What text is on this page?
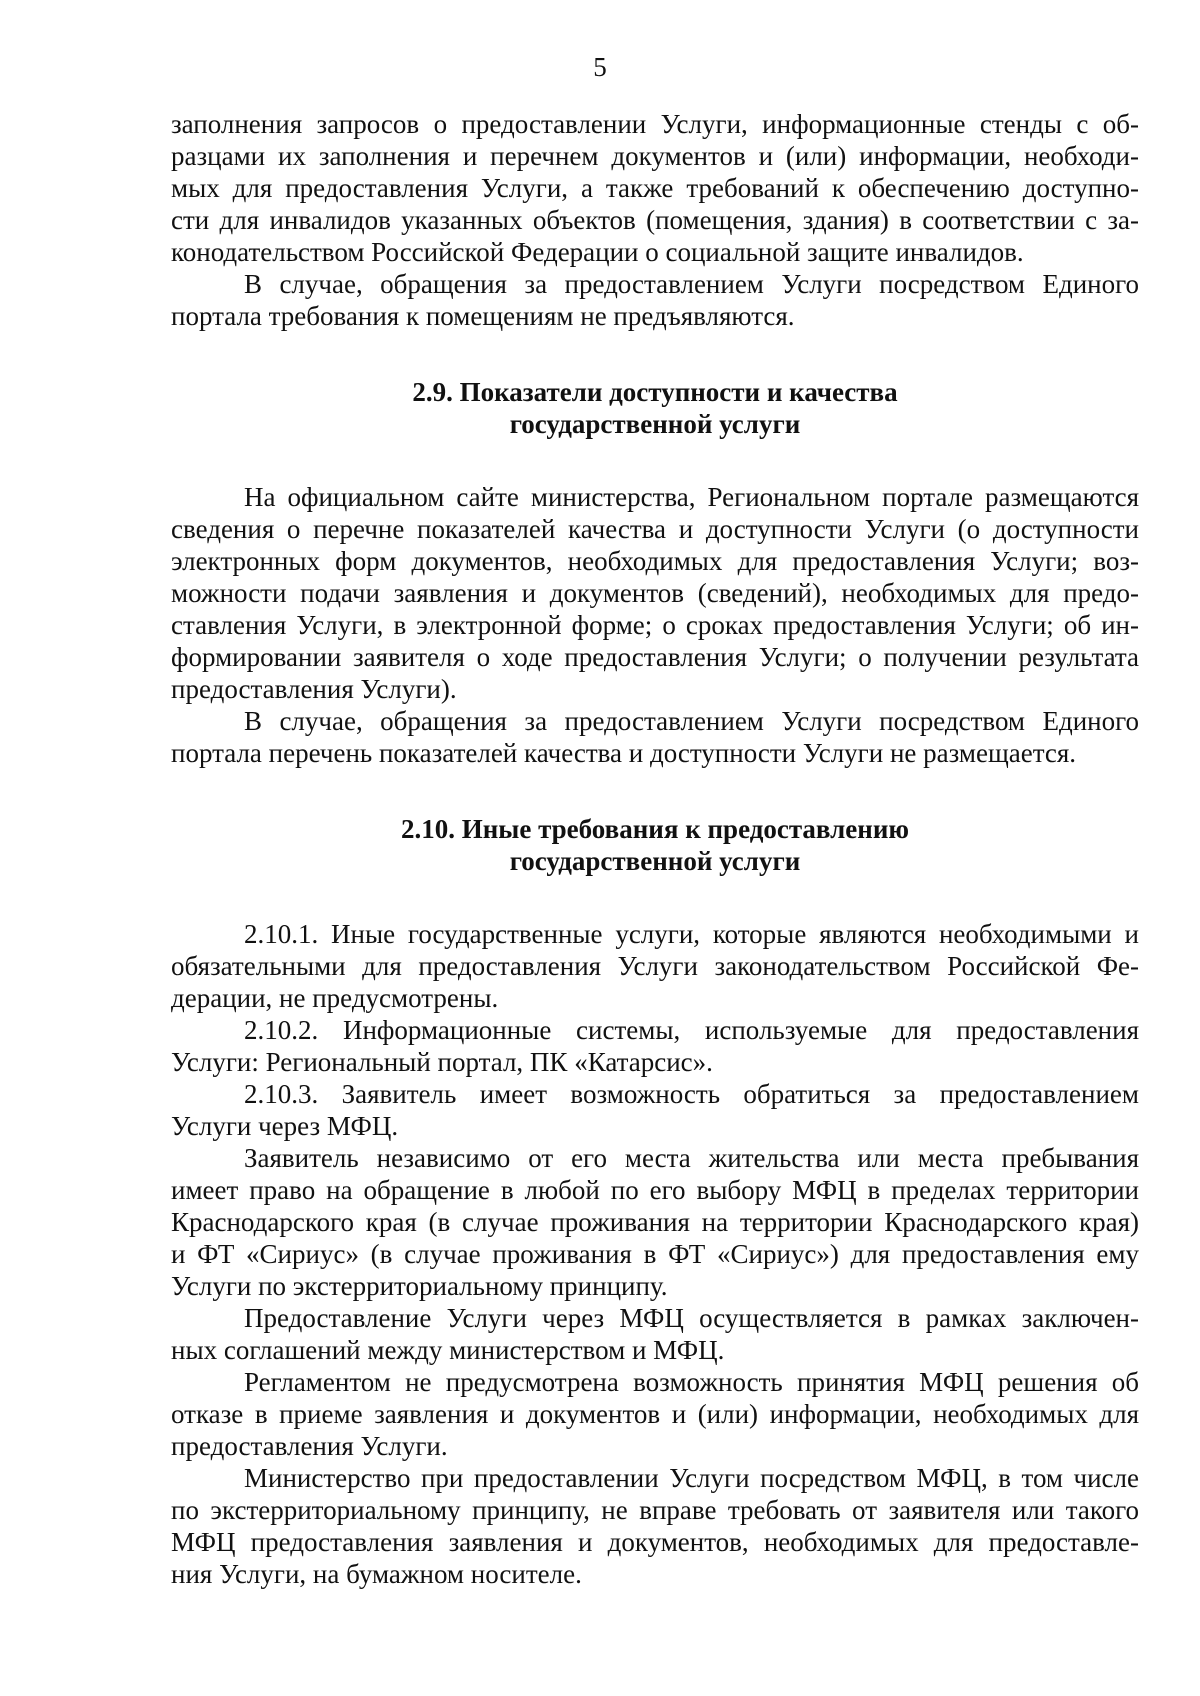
5
заполнения запросов о предоставлении Услуги, информационные стенды с об-
разцами их заполнения и перечнем документов и (или) информации, необходи-
мых для предоставления Услуги, а также требований к обеспечению доступно-
сти для инвалидов указанных объектов (помещения, здания) в соответствии с за-
конодательством Российской Федерации о социальной защите инвалидов.
В случае, обращения за предоставлением Услуги посредством Единого
портала требования к помещениям не предъявляются.
2.9. Показатели доступности и качества
государственной услуги
На официальном сайте министерства, Региональном портале размещаются
сведения о перечне показателей качества и доступности Услуги (о доступности
электронных форм документов, необходимых для предоставления Услуги; воз-
можности подачи заявления и документов (сведений), необходимых для предо-
ставления Услуги, в электронной форме; о сроках предоставления Услуги; об ин-
формировании заявителя о ходе предоставления Услуги; о получении результата
предоставления Услуги).
В случае, обращения за предоставлением Услуги посредством Единого
портала перечень показателей качества и доступности Услуги не размещается.
2.10. Иные требования к предоставлению
государственной услуги
2.10.1. Иные государственные услуги, которые являются необходимыми и
обязательными для предоставления Услуги законодательством Российской Фе-
дерации, не предусмотрены.
2.10.2. Информационные системы, используемые для предоставления
Услуги: Региональный портал, ПК «Катарсис».
2.10.3. Заявитель имеет возможность обратиться за предоставлением
Услуги через МФЦ.
Заявитель независимо от его места жительства или места пребывания
имеет право на обращение в любой по его выбору МФЦ в пределах территории
Краснодарского края (в случае проживания на территории Краснодарского края)
и ФТ «Сириус» (в случае проживания в ФТ «Сириус») для предоставления ему
Услуги по экстерриториальному принципу.
Предоставление Услуги через МФЦ осуществляется в рамках заключен-
ных соглашений между министерством и МФЦ.
Регламентом не предусмотрена возможность принятия МФЦ решения об
отказе в приеме заявления и документов и (или) информации, необходимых для
предоставления Услуги.
Министерство при предоставлении Услуги посредством МФЦ, в том числе
по экстерриториальному принципу, не вправе требовать от заявителя или такого
МФЦ предоставления заявления и документов, необходимых для предоставле-
ния Услуги, на бумажном носителе.
